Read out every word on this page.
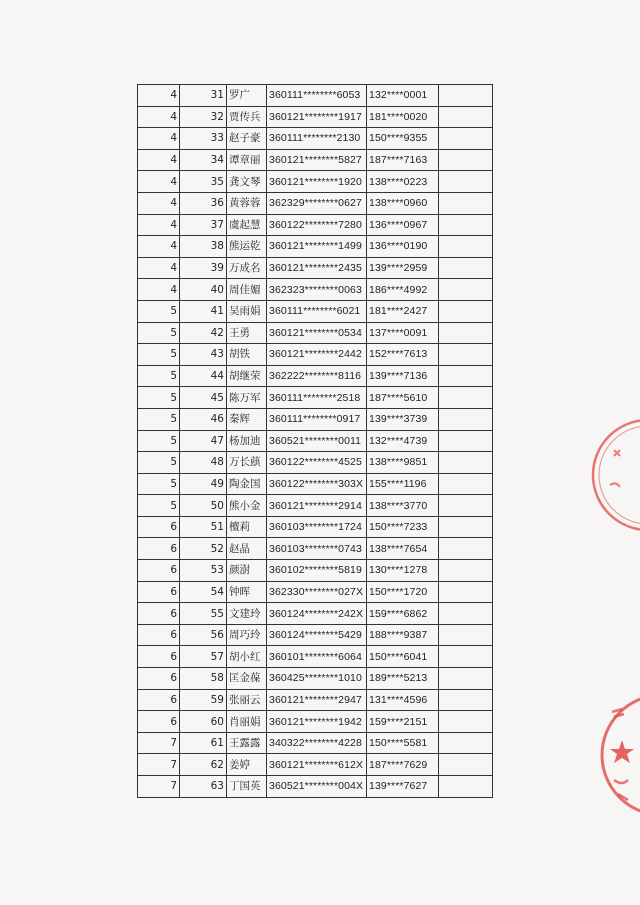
4	31	罗广	360111********6053	132****0001	
4	32	贾传兵	360121********1917	181****0020	
4	33	赵子豪	360111********2130	150****9355	
4	34	谭章丽	360121********5827	187****7163	
4	35	龚文琴	360121********1920	138****0223	
4	36	黄蓉蓉	362329********0627	138****0960	
4	37	虞起慧	360122********7280	136****0967	
4	38	熊运乾	360121********1499	136****0190	
4	39	万成名	360121********2435	139****2959	
4	40	周佳媚	362323********0063	186****4992	
5	41	吴雨娟	360111********6021	181****2427	
5	42	王勇	360121********0534	137****0091	
5	43	胡铁	360121********2442	152****7613	
5	44	胡继荣	362222********8116	139****7136	
5	45	陈万军	360111********2518	187****5610	
5	46	秦辉	360111********0917	139****3739	
5	47	杨加迪	360521********0011	132****4739	
5	48	万长蕻	360122********4525	138****9851	
5	49	陶金国	360122********303X	155****1196	
5	50	熊小金	360121********2914	138****3770	
6	51	檀莉	360103********1724	150****7233	
6	52	赵晶	360103********0743	138****7654	
6	53	颜澍	360102********5819	130****1278	
6	54	钟晖	362330********027X	150****1720	
6	55	文建玲	360124********242X	159****6862	
6	56	周巧玲	360124********5429	188****9387	
6	57	胡小红	360101********6064	150****6041	
6	58	匡金葆	360425********1010	189****5213	
6	59	张丽云	360121********2947	131****4596	
6	60	肖丽娟	360121********1942	159****2151	
7	61	王露露	340322********4228	150****5581	
7	62	姜婷	360121********612X	187****7629	
7	63	丁国英	360521********004X	139****7627	
